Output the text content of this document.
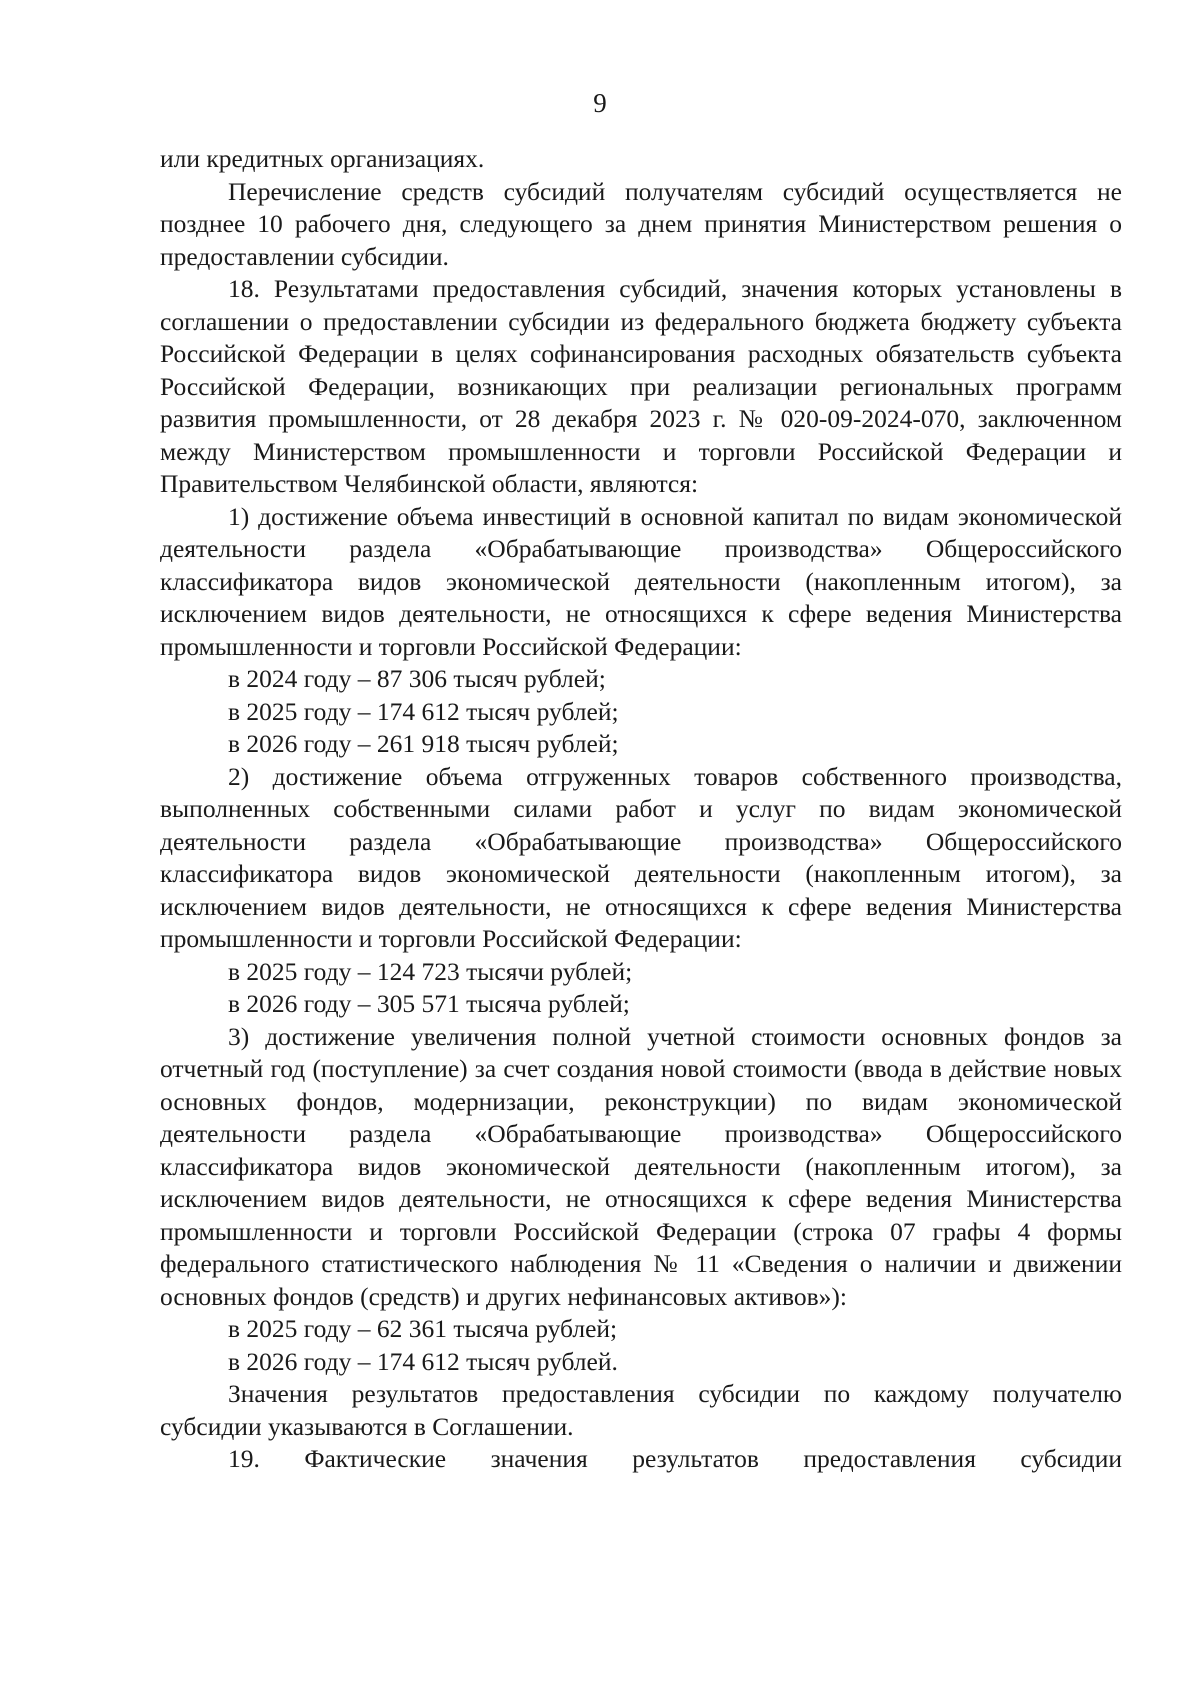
9

или кредитных организациях.

Перечисление средств субсидий получателям субсидий осуществляется не позднее 10 рабочего дня, следующего за днем принятия Министерством решения о предоставлении субсидии.

18. Результатами предоставления субсидий, значения которых установлены в соглашении о предоставлении субсидии из федерального бюджета бюджету субъекта Российской Федерации в целях софинансирования расходных обязательств субъекта Российской Федерации, возникающих при реализации региональных программ развития промышленности, от 28 декабря 2023 г. № 020-09-2024-070, заключенном между Министерством промышленности и торговли Российской Федерации и Правительством Челябинской области, являются:

1) достижение объема инвестиций в основной капитал по видам экономической деятельности раздела «Обрабатывающие производства» Общероссийского классификатора видов экономической деятельности (накопленным итогом), за исключением видов деятельности, не относящихся к сфере ведения Министерства промышленности и торговли Российской Федерации:

в 2024 году – 87 306 тысяч рублей;

в 2025 году – 174 612 тысяч рублей;

в 2026 году – 261 918 тысяч рублей;

2) достижение объема отгруженных товаров собственного производства, выполненных собственными силами работ и услуг по видам экономической деятельности раздела «Обрабатывающие производства» Общероссийского классификатора видов экономической деятельности (накопленным итогом), за исключением видов деятельности, не относящихся к сфере ведения Министерства промышленности и торговли Российской Федерации:

в 2025 году – 124 723 тысячи рублей;

в 2026 году – 305 571 тысяча рублей;

3) достижение увеличения полной учетной стоимости основных фондов за отчетный год (поступление) за счет создания новой стоимости (ввода в действие новых основных фондов, модернизации, реконструкции) по видам экономической деятельности раздела «Обрабатывающие производства» Общероссийского классификатора видов экономической деятельности (накопленным итогом), за исключением видов деятельности, не относящихся к сфере ведения Министерства промышленности и торговли Российской Федерации (строка 07 графы 4 формы федерального статистического наблюдения № 11 «Сведения о наличии и движении основных фондов (средств) и других нефинансовых активов»):

в 2025 году – 62 361 тысяча рублей;

в 2026 году – 174 612 тысяч рублей.

Значения результатов предоставления субсидии по каждому получателю субсидии указываются в Соглашении.

19. Фактические значения результатов предоставления субсидии
